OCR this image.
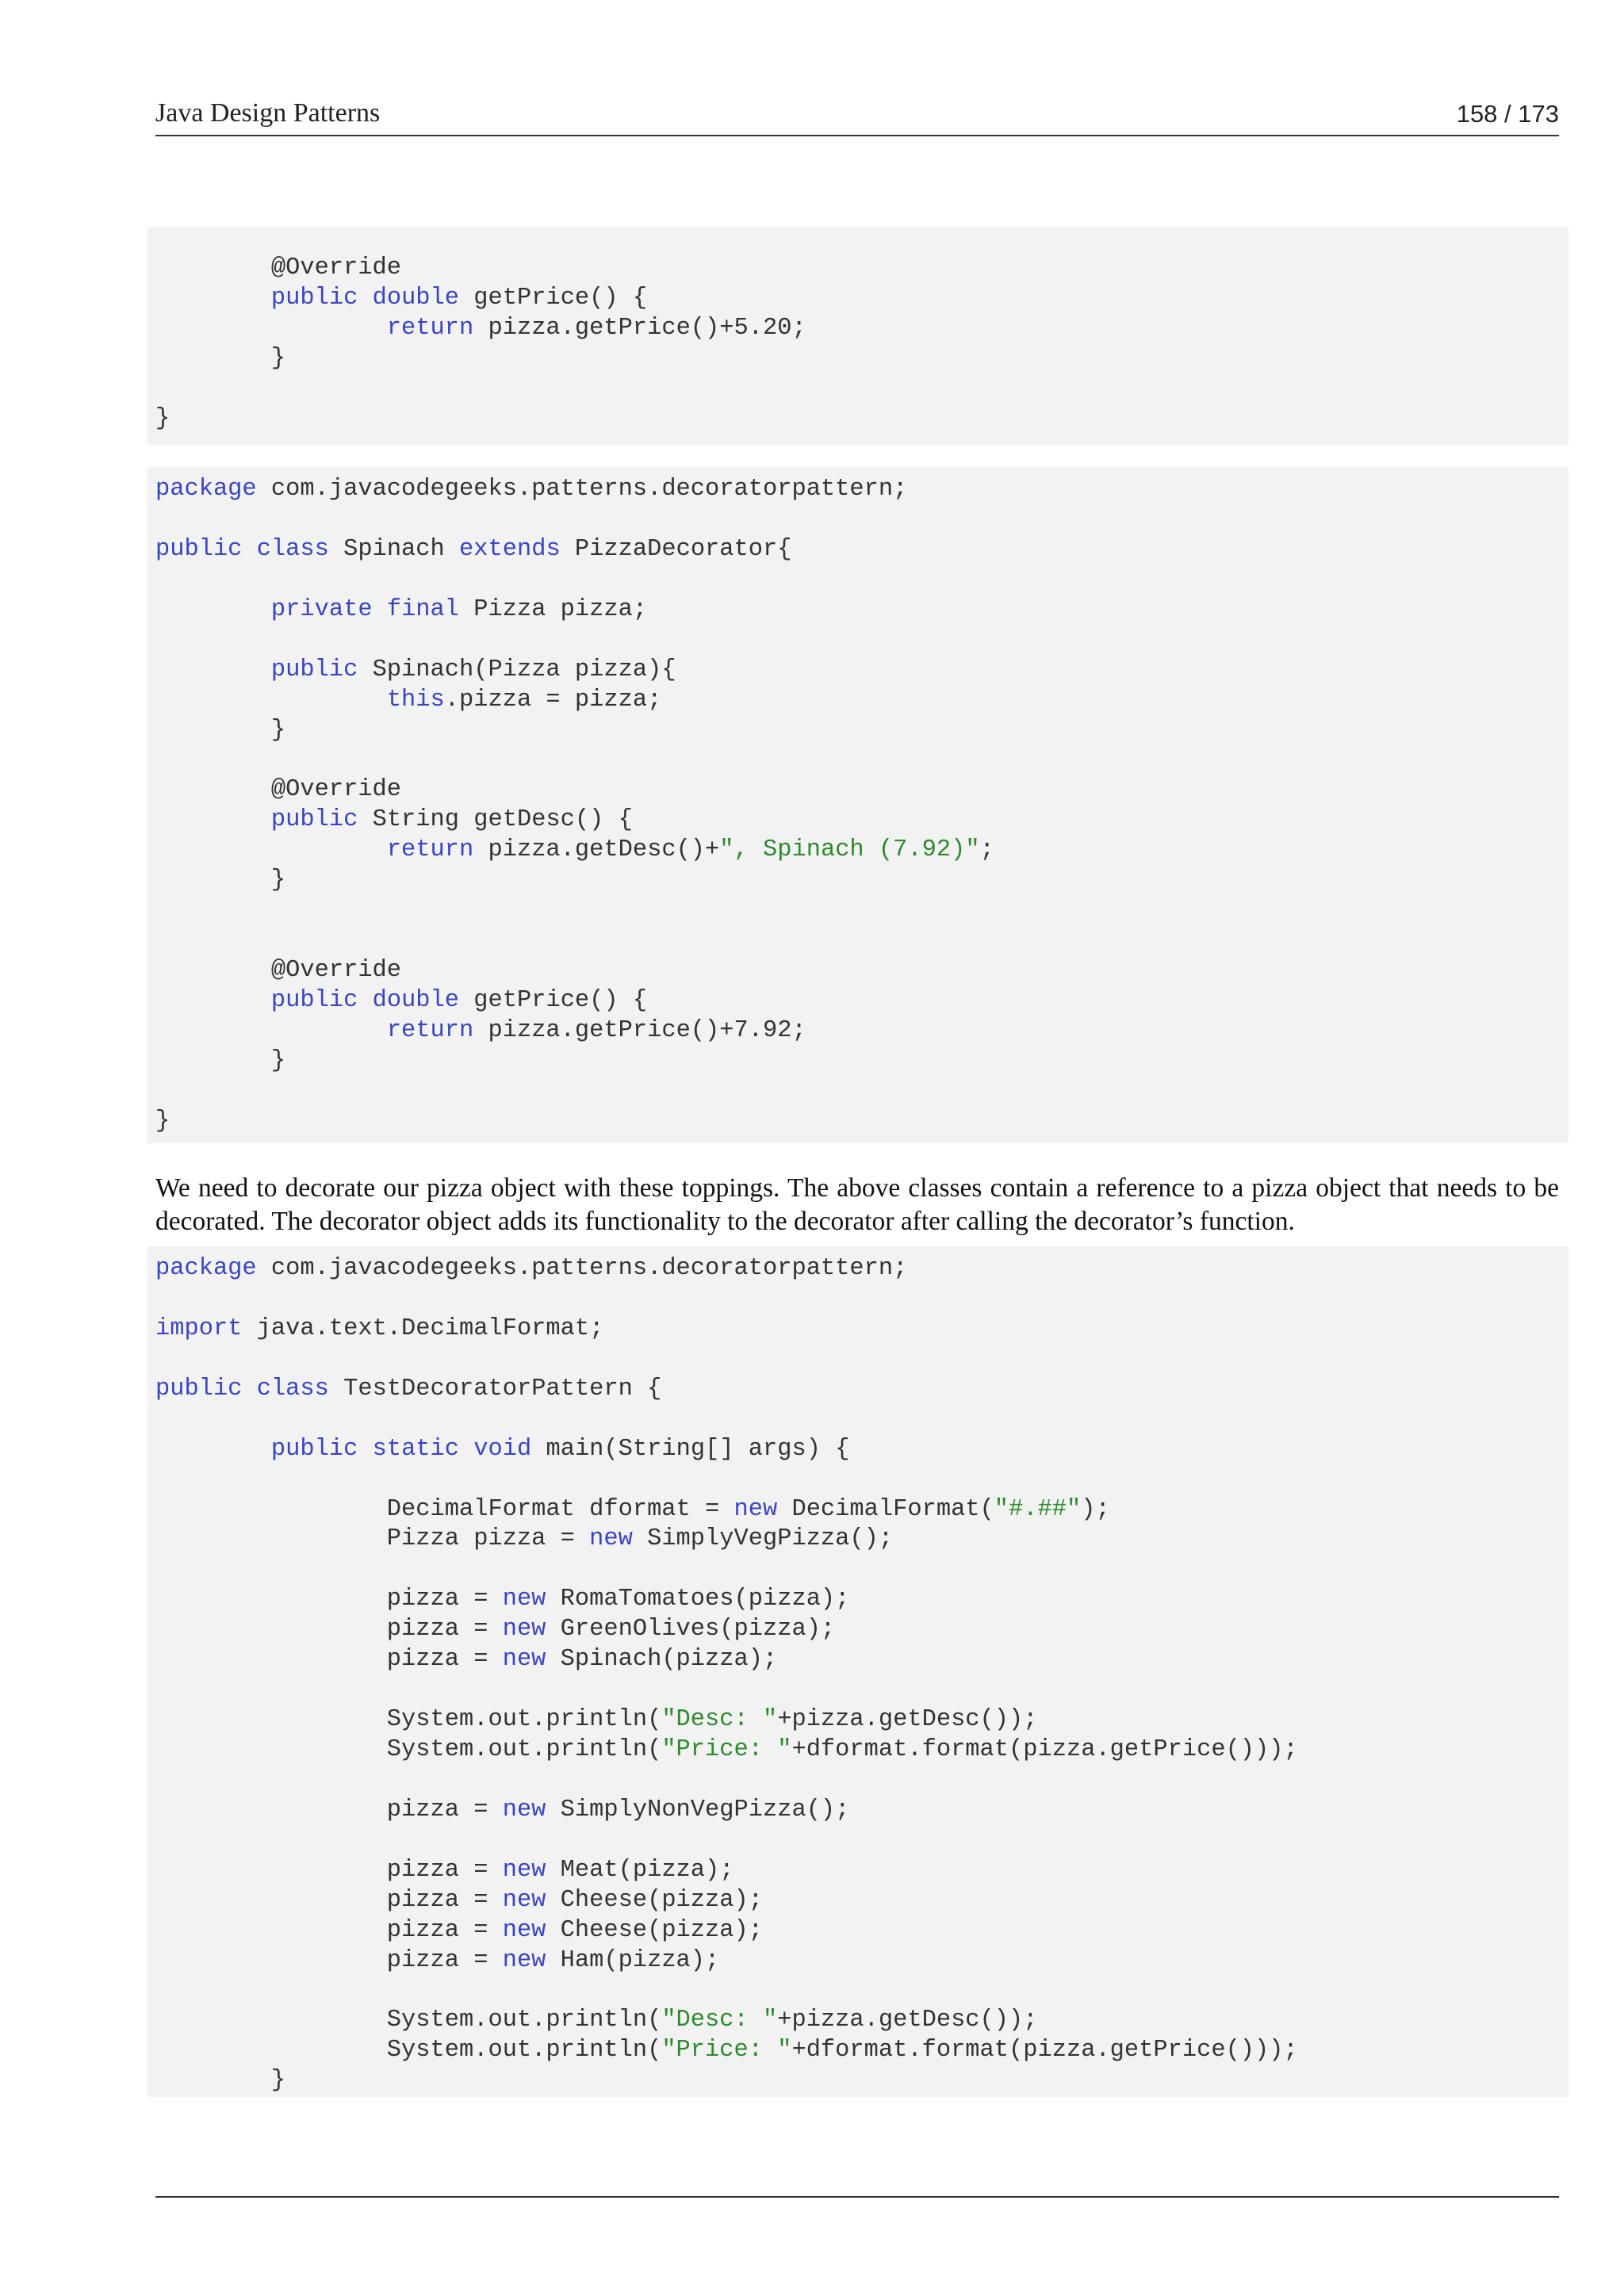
Java Design Patterns	158 / 173
@Override
public double getPrice() {
return pizza.getPrice()+5.20;
}
}
package com.javacodegeeks.patterns.decoratorpattern;
public class Spinach extends PizzaDecorator{
private final Pizza pizza;
public Spinach(Pizza pizza){
this.pizza = pizza;
}
@Override
public String getDesc() {
return pizza.getDesc()+", Spinach (7.92)";
}
@Override
public double getPrice() {
return pizza.getPrice()+7.92;
}
}

We need to decorate our pizza object with these toppings. The above classes contain a reference to a pizza object that needs to be decorated. The decorator object adds its functionality to the decorator after calling the decorator’s function.

package com.javacodegeeks.patterns.decoratorpattern;
import java.text.DecimalFormat;
public class TestDecoratorPattern {
public static void main(String[] args) {
DecimalFormat dformat = new DecimalFormat("#.##");
Pizza pizza = new SimplyVegPizza();
pizza = new RomaTomatoes(pizza);
pizza = new GreenOlives(pizza);
pizza = new Spinach(pizza);
System.out.println("Desc: "+pizza.getDesc());
System.out.println("Price: "+dformat.format(pizza.getPrice()));
pizza = new SimplyNonVegPizza();
pizza = new Meat(pizza);
pizza = new Cheese(pizza);
pizza = new Cheese(pizza);
pizza = new Ham(pizza);
System.out.println("Desc: "+pizza.getDesc());
System.out.println("Price: "+dformat.format(pizza.getPrice()));
}
